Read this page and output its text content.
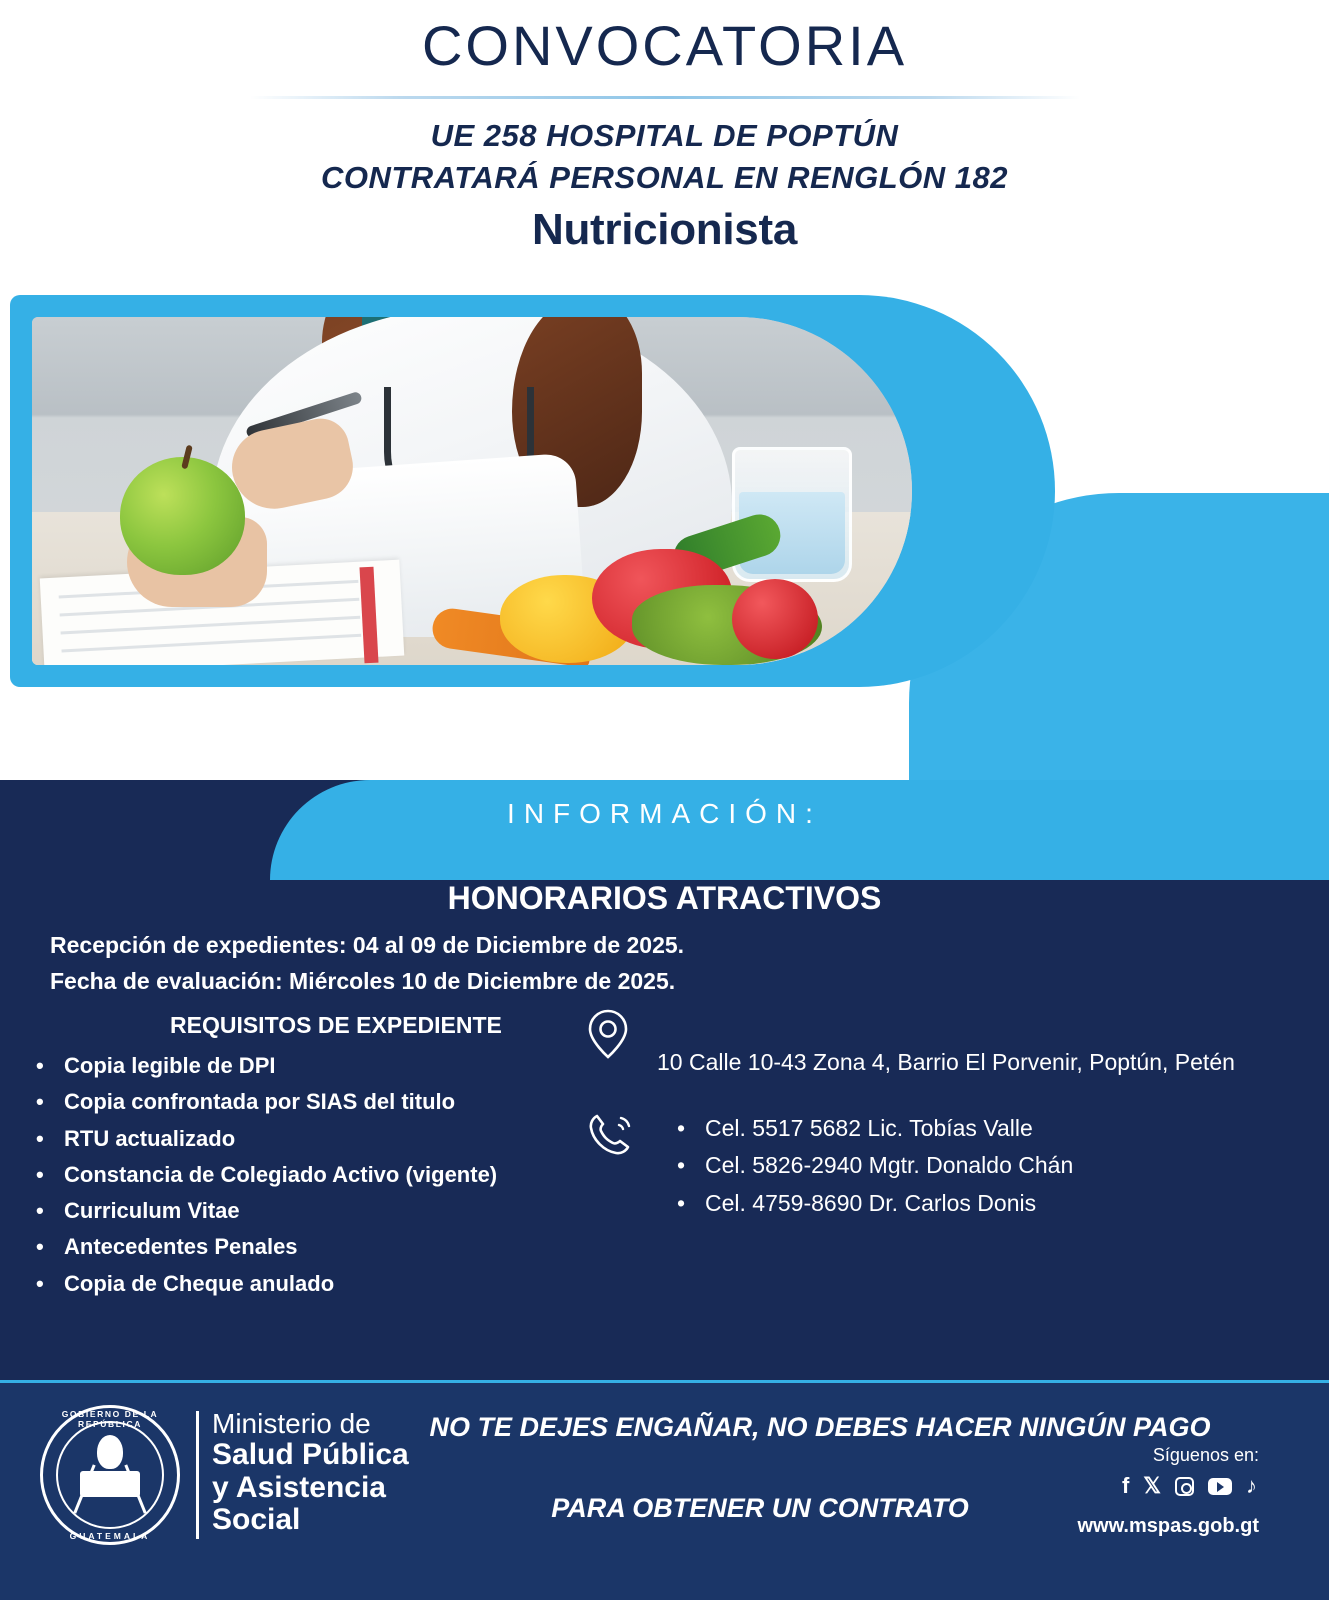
CONVOCATORIA
UE 258 HOSPITAL DE POPTÚN
CONTRATARÁ PERSONAL EN RENGLÓN 182
Nutricionista
INFORMACIÓN:
HONORARIOS ATRACTIVOS
Recepción de expedientes: 04 al 09 de Diciembre de 2025.
Fecha de evaluación: Miércoles 10 de Diciembre de 2025.
REQUISITOS DE EXPEDIENTE
• Copia legible de DPI
• Copia confrontada por SIAS del titulo
• RTU actualizado
• Constancia de Colegiado Activo (vigente)
• Curriculum Vitae
• Antecedentes Penales
• Copia de Cheque anulado
10 Calle 10-43 Zona 4, Barrio El Porvenir, Poptún, Petén
• Cel. 5517 5682 Lic. Tobías Valle
• Cel. 5826-2940 Mgtr. Donaldo Chán
• Cel. 4759-8690 Dr. Carlos Donis
GOBIERNO DE LA REPÚBLICA
GUATEMALA
Ministerio de
Salud Pública
y Asistencia
Social
NO TE DEJES ENGAÑAR, NO DEBES HACER NINGÚN PAGO
PARA OBTENER UN CONTRATO
Síguenos en:
f 𝕏	♪
www.mspas.gob.gt
